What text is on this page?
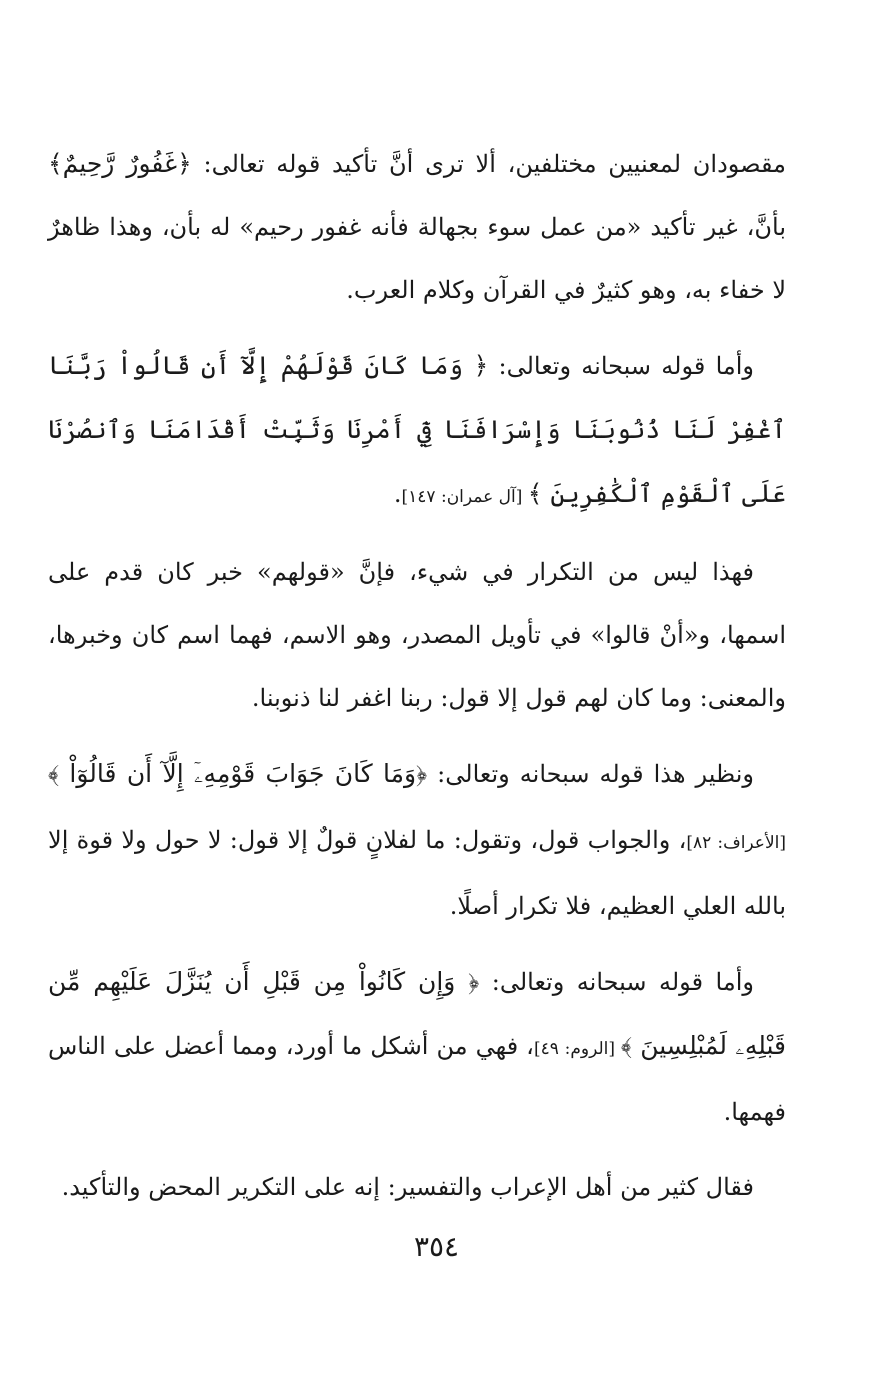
مقصودان لمعنيين مختلفين، ألا ترى أنَّ تأكيد قوله تعالى: ﴿غَفُورٌ رَّحِيمٌ﴾ بأنَّ، غير تأكيد «من عمل سوء بجهالة فأنه غفور رحيم» له بأن، وهذا ظاهرٌ لا خفاء به، وهو كثيرٌ في القرآن وكلام العرب.

وأما قوله سبحانه وتعالى: ﴿ وَمَا كَانَ قَوْلَهُمْ إِلَّآ أَن قَالُواْ رَبَّنَا ٱغْفِرْ لَنَا ذُنُوبَنَا وَإِسْرَافَنَا فِيٓ أَمْرِنَا وَثَبِّتْ أَقْدَامَنَا وَٱنصُرْنَا عَلَى ٱلْقَوْمِ ٱلْكَٰفِرِينَ ﴾ [آل عمران: ١٤٧].

فهذا ليس من التكرار في شيء، فإنَّ «قولهم» خبر كان قدم على اسمها، و«أنْ قالوا» في تأويل المصدر، وهو الاسم، فهما اسم كان وخبرها، والمعنى: وما كان لهم قول إلا قول: ربنا اغفر لنا ذنوبنا.

ونظير هذا قوله سبحانه وتعالى: ﴿وَمَا كَانَ جَوَابَ قَوْمِهِۦٓ إِلَّآ أَن قَالُوٓاْ ﴾ [الأعراف: ٨٢]، والجواب قول، وتقول: ما لفلانٍ قولٌ إلا قول: لا حول ولا قوة إلا بالله العلي العظيم، فلا تكرار أصلًا.

وأما قوله سبحانه وتعالى: ﴿ وَإِن كَانُواْ مِن قَبْلِ أَن يُنَزَّلَ عَلَيْهِم مِّن قَبْلِهِۦ لَمُبْلِسِينَ ﴾ [الروم: ٤٩]، فهي من أشكل ما أورد، ومما أعضل على الناس فهمها.

فقال كثير من أهل الإعراب والتفسير: إنه على التكرير المحض والتأكيد.

٣٥٤
